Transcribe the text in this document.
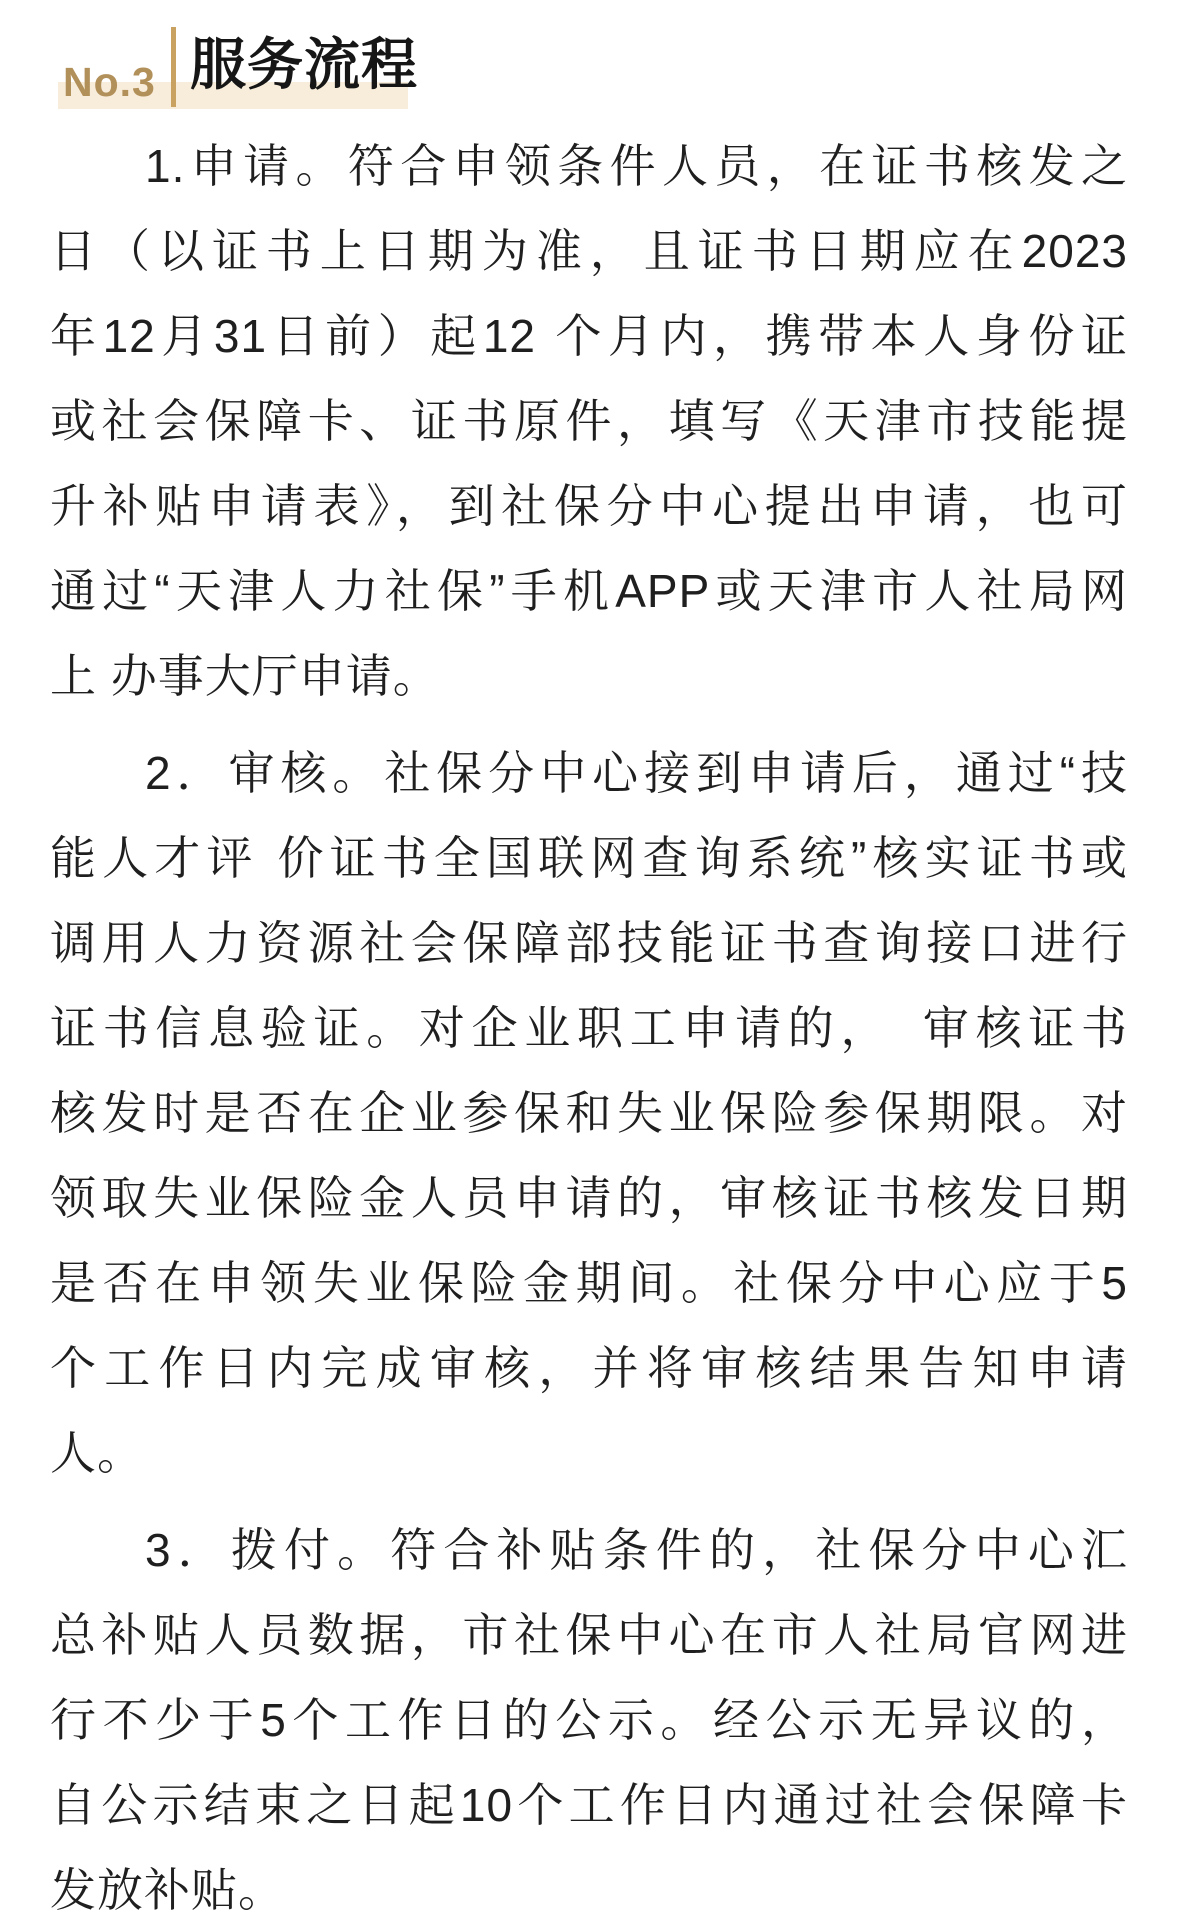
No.3 服务流程
1.申请。符合申领条件人员，在证书核发之
日（以证书上日期为准，且证书日期应在2023
年12月31日前）起12 个月内，携带本人身份证
或社会保障卡、证书原件，填写《天津市技能提
升补贴申请表》，到社保分中心提出申请，也可
通过“天津人力社保”手机APP或天津市人社局网
上 办事大厅申请。
2．审核。社保分中心接到申请后，通过“技
能人才评 价证书全国联网查询系统”核实证书或
调用人力资源社会保障部技能证书查询接口进行
证书信息验证。对企业职工申请的，　审核证书
核发时是否在企业参保和失业保险参保期限。对
领取失业保险金人员申请的，审核证书核发日期
是否在申领失业保险金期间。社保分中心应于5
个工作日内完成审核，并将审核结果告知申请
人。
3．拨付。符合补贴条件的，社保分中心汇
总补贴人员数据，市社保中心在市人社局官网进
行不少于5个工作日的公示。经公示无异议的，
自公示结束之日起10个工作日内通过社会保障卡
发放补贴。
